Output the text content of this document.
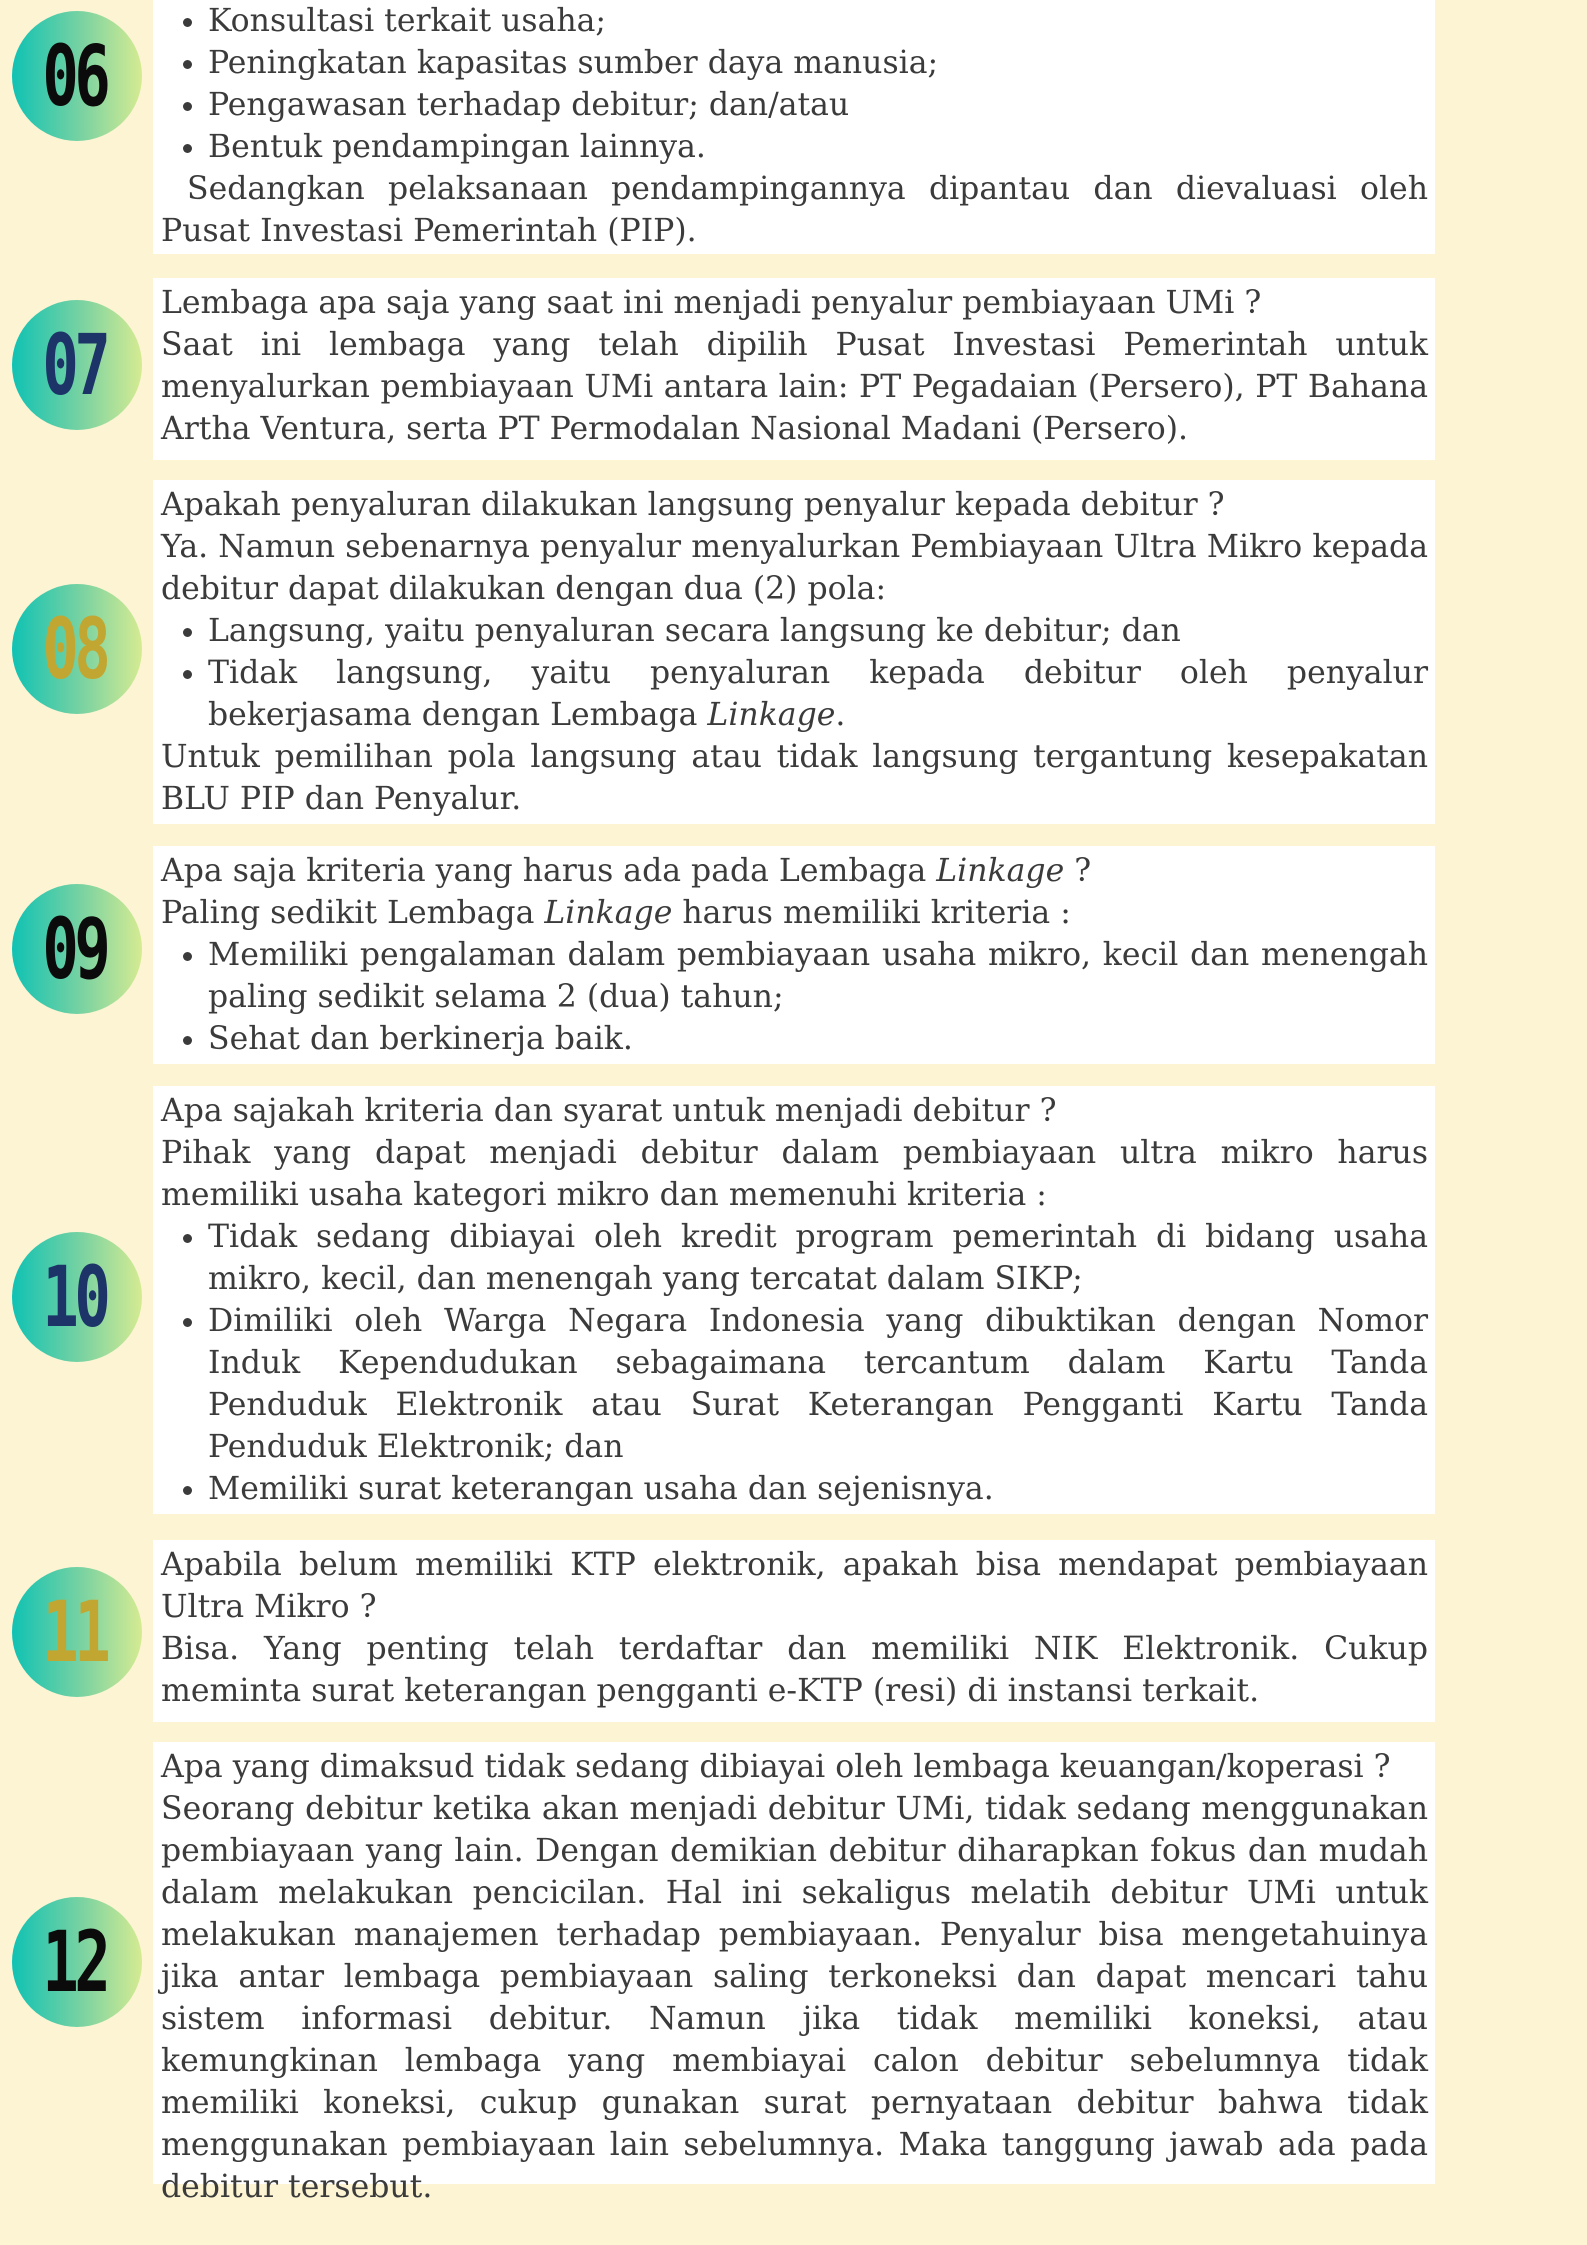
06
• Konsultasi terkait usaha;
• Peningkatan kapasitas sumber daya manusia;
• Pengawasan terhadap debitur; dan/atau
• Bentuk pendampingan lainnya.

Sedangkan pelaksanaan pendampingannya dipantau dan dievaluasi oleh Pusat Investasi Pemerintah (PIP).

07

Lembaga apa saja yang saat ini menjadi penyalur pembiayaan UMi ?

Saat ini lembaga yang telah dipilih Pusat Investasi Pemerintah untuk menyalurkan pembiayaan UMi antara lain: PT Pegadaian (Persero), PT Bahana Artha Ventura, serta PT Permodalan Nasional Madani (Persero).

08

Apakah penyaluran dilakukan langsung penyalur kepada debitur ?

Ya. Namun sebenarnya penyalur menyalurkan Pembiayaan Ultra Mikro kepada debitur dapat dilakukan dengan dua (2) pola:

• Langsung, yaitu penyaluran secara langsung ke debitur; dan
• Tidak langsung, yaitu penyaluran kepada debitur oleh penyalur bekerjasama dengan Lembaga Linkage.

Untuk pemilihan pola langsung atau tidak langsung tergantung kesepakatan BLU PIP dan Penyalur.

09

Apa saja kriteria yang harus ada pada Lembaga Linkage ?

Paling sedikit Lembaga Linkage harus memiliki kriteria :

• Memiliki pengalaman dalam pembiayaan usaha mikro, kecil dan menengah paling sedikit selama 2 (dua) tahun;
• Sehat dan berkinerja baik.
10

Apa sajakah kriteria dan syarat untuk menjadi debitur ?

Pihak yang dapat menjadi debitur dalam pembiayaan ultra mikro harus memiliki usaha kategori mikro dan memenuhi kriteria :

• Tidak sedang dibiayai oleh kredit program pemerintah di bidang usaha mikro, kecil, dan menengah yang tercatat dalam SIKP;
• Dimiliki oleh Warga Negara Indonesia yang dibuktikan dengan Nomor Induk Kependudukan sebagaimana tercantum dalam Kartu Tanda Penduduk Elektronik atau Surat Keterangan Pengganti Kartu Tanda Penduduk Elektronik; dan
• Memiliki surat keterangan usaha dan sejenisnya.
11

Apabila belum memiliki KTP elektronik, apakah bisa mendapat pembiayaan Ultra Mikro ?

Bisa. Yang penting telah terdaftar dan memiliki NIK Elektronik. Cukup meminta surat keterangan pengganti e-KTP (resi) di instansi terkait.

12

Apa yang dimaksud tidak sedang dibiayai oleh lembaga keuangan/koperasi ?

Seorang debitur ketika akan menjadi debitur UMi, tidak sedang menggunakan pembiayaan yang lain. Dengan demikian debitur diharapkan fokus dan mudah dalam melakukan pencicilan. Hal ini sekaligus melatih debitur UMi untuk melakukan manajemen terhadap pembiayaan. Penyalur bisa mengetahuinya jika antar lembaga pembiayaan saling terkoneksi dan dapat mencari tahu sistem informasi debitur. Namun jika tidak memiliki koneksi, atau kemungkinan lembaga yang membiayai calon debitur sebelumnya tidak memiliki koneksi, cukup gunakan surat pernyataan debitur bahwa tidak menggunakan pembiayaan lain sebelumnya. Maka tanggung jawab ada pada debitur tersebut.
